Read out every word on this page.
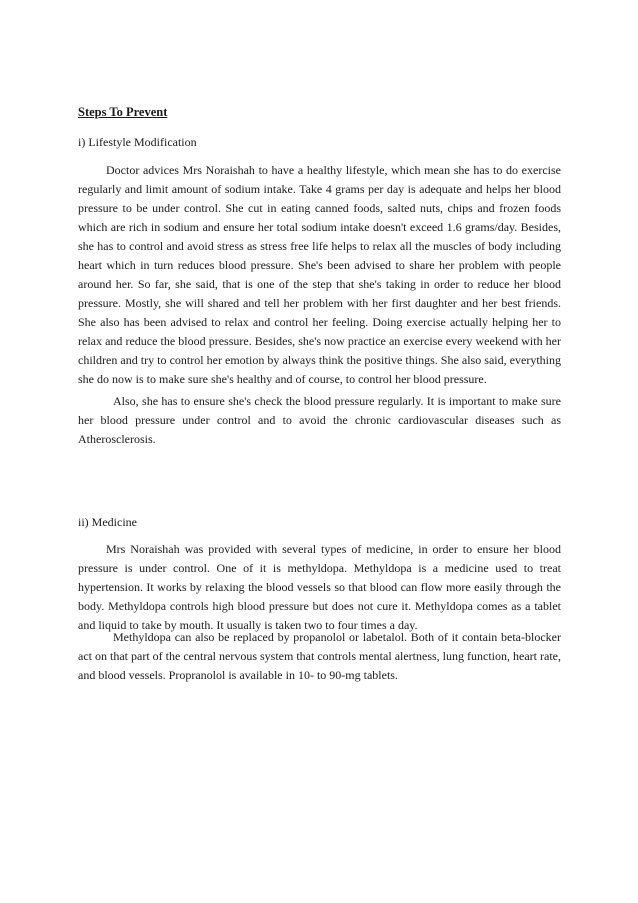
Steps To Prevent
i) Lifestyle Modification

Doctor advices Mrs Noraishah to have a healthy lifestyle, which mean she has to do exercise regularly and limit amount of sodium intake. Take 4 grams per day is adequate and helps her blood pressure to be under control. She cut in eating canned foods, salted nuts, chips and frozen foods which are rich in sodium and ensure her total sodium intake doesn't exceed 1.6 grams/day. Besides, she has to control and avoid stress as stress free life helps to relax all the muscles of body including heart which in turn reduces blood pressure. She's been advised to share her problem with people around her. So far, she said, that is one of the step that she's taking in order to reduce her blood pressure. Mostly, she will shared and tell her problem with her first daughter and her best friends. She also has been advised to relax and control her feeling. Doing exercise actually helping her to relax and reduce the blood pressure. Besides, she's now practice an exercise every weekend with her children and try to control her emotion by always think the positive things. She also said, everything she do now is to make sure she's healthy and of course, to control her blood pressure.

Also, she has to ensure she's check the blood pressure regularly. It is important to make sure her blood pressure under control and to avoid the chronic cardiovascular diseases such as Atherosclerosis.

ii) Medicine

Mrs Noraishah was provided with several types of medicine, in order to ensure her blood pressure is under control. One of it is methyldopa. Methyldopa is a medicine used to treat hypertension. It works by relaxing the blood vessels so that blood can flow more easily through the body. Methyldopa controls high blood pressure but does not cure it. Methyldopa comes as a tablet and liquid to take by mouth. It usually is taken two to four times a day.

Methyldopa can also be replaced by propanolol or labetalol. Both of it contain beta-blocker act on that part of the central nervous system that controls mental alertness, lung function, heart rate, and blood vessels. Propranolol is available in 10- to 90-mg tablets.
